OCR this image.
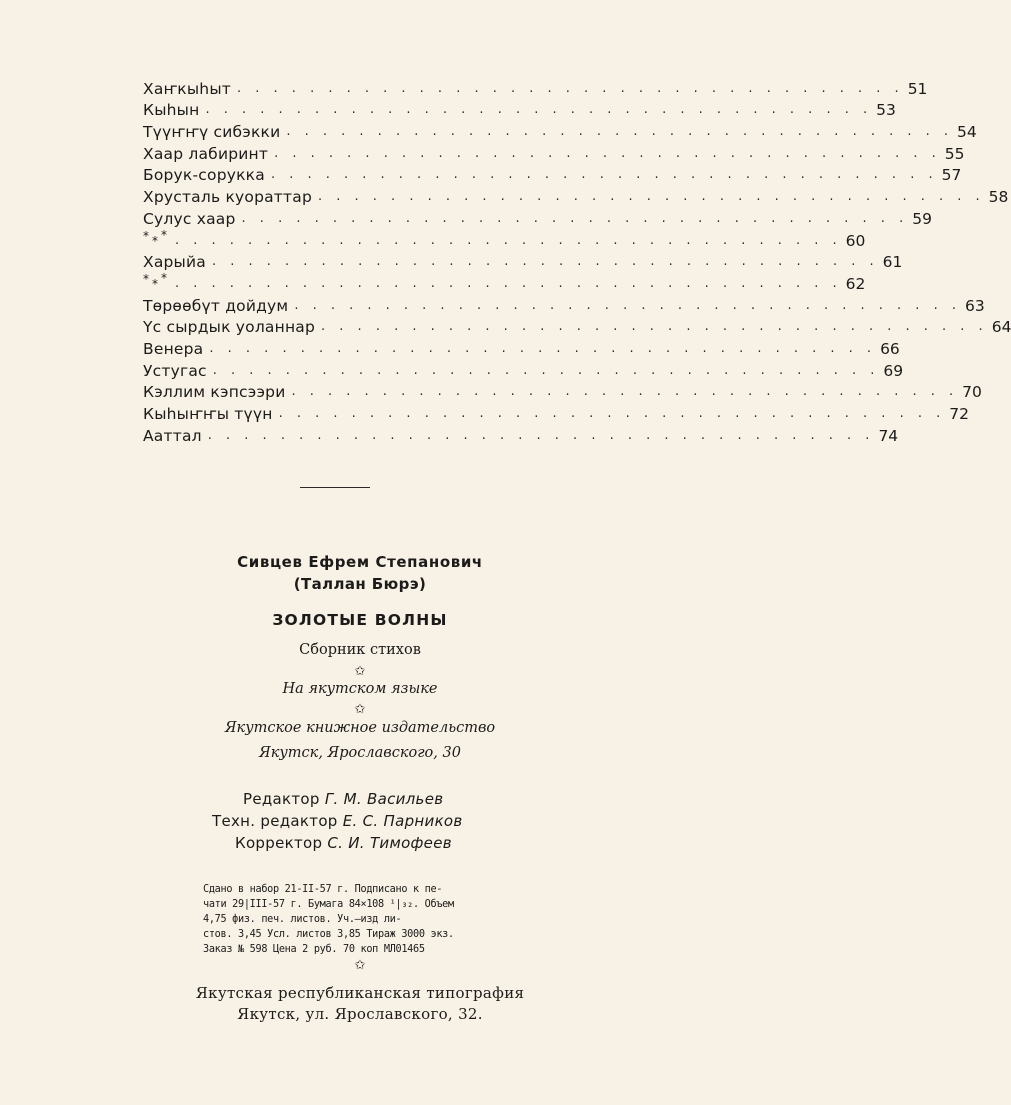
Хаҥкыһыт . . . . . . . . . . . . . . . . . . . . . . . . . . . . . . . . . . . . . 51
Кыһын . . . . . . . . . . . . . . . . . . . . . . . . . . . . . . . . . . . . . 53
Түүҥҥү сибэкки . . . . . . . . . . . . . . . . . . . . . . . . . . . . . . . . . . . . . 54
Хаар лабиринт . . . . . . . . . . . . . . . . . . . . . . . . . . . . . . . . . . . . . 55
Борук-сорукка . . . . . . . . . . . . . . . . . . . . . . . . . . . . . . . . . . . . . 57
Хрусталь куораттар . . . . . . . . . . . . . . . . . . . . . . . . . . . . . . . . . . . . . 58
Сулус хаар . . . . . . . . . . . . . . . . . . . . . . . . . . . . . . . . . . . . . 59
* * * . . . . . . . . . . . . . . . . . . . . . . . . . . . . . . . . . . . . . 60
Харыйа . . . . . . . . . . . . . . . . . . . . . . . . . . . . . . . . . . . . . 61
* * * . . . . . . . . . . . . . . . . . . . . . . . . . . . . . . . . . . . . . 62
Төрөөбүт дойдум . . . . . . . . . . . . . . . . . . . . . . . . . . . . . . . . . . . . . 63
Үс сырдык уоланнар . . . . . . . . . . . . . . . . . . . . . . . . . . . . . . . . . . . . . 64
Венера . . . . . . . . . . . . . . . . . . . . . . . . . . . . . . . . . . . . . 66
Устугас . . . . . . . . . . . . . . . . . . . . . . . . . . . . . . . . . . . . . 69
Кэллим кэпсээри . . . . . . . . . . . . . . . . . . . . . . . . . . . . . . . . . . . . . 70
Кыһыҥҥы түүн . . . . . . . . . . . . . . . . . . . . . . . . . . . . . . . . . . . . . 72
Ааттал . . . . . . . . . . . . . . . . . . . . . . . . . . . . . . . . . . . . . 74
Сивцев Ефрем Степанович
(Таллан Бюрэ)
ЗОЛОТЫЕ ВОЛНЫ
Сборник стихов
✩
На якутском языке
✩
Якутское книжное издательство
Якутск, Ярославского, 30
Редактор Г. М. Васильев
Техн. редактор Е. С. Парников
Корректор С. И. Тимофеев
Сдано в набор 21-II-57 г. Подписано к пе-
чати 29|III-57 г. Бумага 84×108 ¹|₃₂. Объем
4,75 физ. печ. листов. Уч.—изд ли-
стов. 3,45 Усл. листов 3,85 Тираж 3000 экз.
Заказ № 598 Цена 2 руб. 70 коп МЛ01465
✩
Якутская республиканская типография
Якутск, ул. Ярославского, 32.
